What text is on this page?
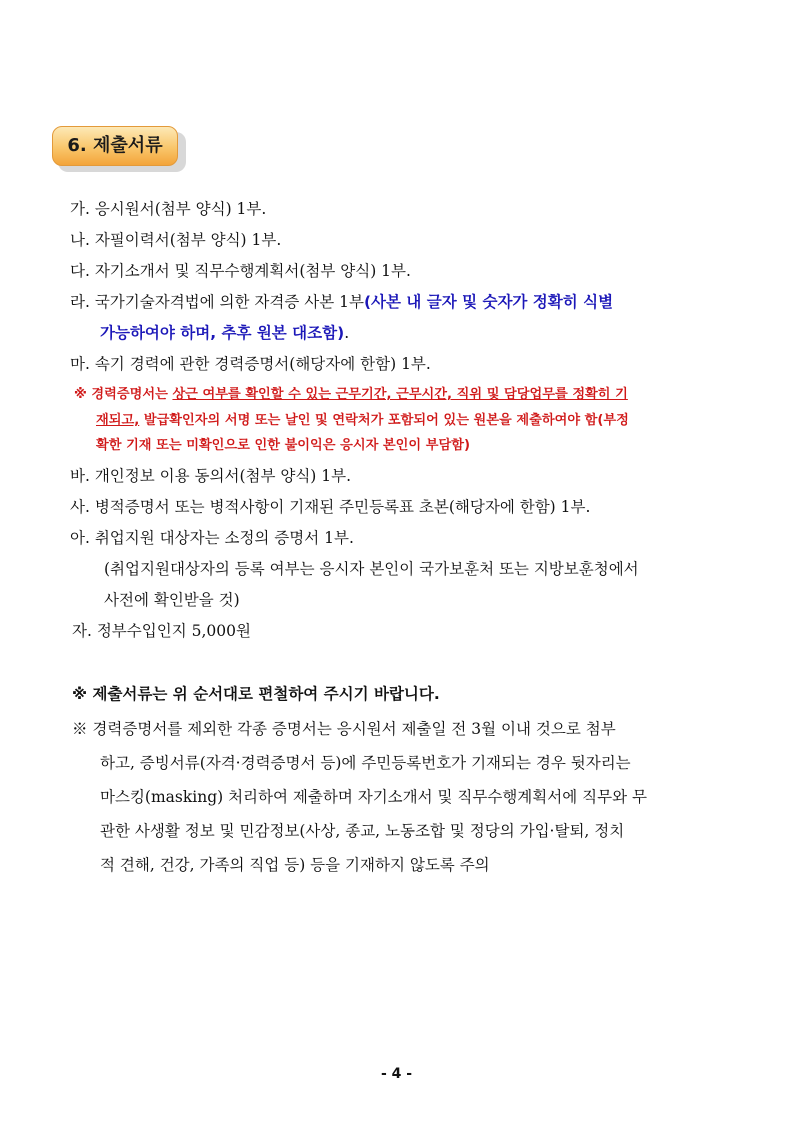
6. 제출서류
가. 응시원서(첨부 양식) 1부.
나. 자필이력서(첨부 양식) 1부.
다. 자기소개서 및 직무수행계획서(첨부 양식) 1부.
라. 국가기술자격법에 의한 자격증 사본 1부(사본 내 글자 및 숫자가 정확히 식별
가능하여야 하며, 추후 원본 대조함).
마. 속기 경력에 관한 경력증명서(해당자에 한함) 1부.
※ 경력증명서는 상근 여부를 확인할 수 있는 근무기간, 근무시간, 직위 및 담당업무를 정확히 기
재되고, 발급확인자의 서명 또는 날인 및 연락처가 포함되어 있는 원본을 제출하여야 함(부정
확한 기재 또는 미확인으로 인한 불이익은 응시자 본인이 부담함)
바. 개인정보 이용 동의서(첨부 양식) 1부.
사. 병적증명서 또는 병적사항이 기재된 주민등록표 초본(해당자에 한함) 1부.
아. 취업지원 대상자는 소정의 증명서 1부.
(취업지원대상자의 등록 여부는 응시자 본인이 국가보훈처 또는 지방보훈청에서
사전에 확인받을 것)
자. 정부수입인지 5,000원
※ 제출서류는 위 순서대로 편철하여 주시기 바랍니다.
※ 경력증명서를 제외한 각종 증명서는 응시원서 제출일 전 3월 이내 것으로 첨부
하고, 증빙서류(자격·경력증명서 등)에 주민등록번호가 기재되는 경우 뒷자리는
마스킹(masking) 처리하여 제출하며 자기소개서 및 직무수행계획서에 직무와 무
관한 사생활 정보 및 민감정보(사상, 종교, 노동조합 및 정당의 가입·탈퇴, 정치
적 견해, 건강, 가족의 직업 등) 등을 기재하지 않도록 주의
- 4 -
